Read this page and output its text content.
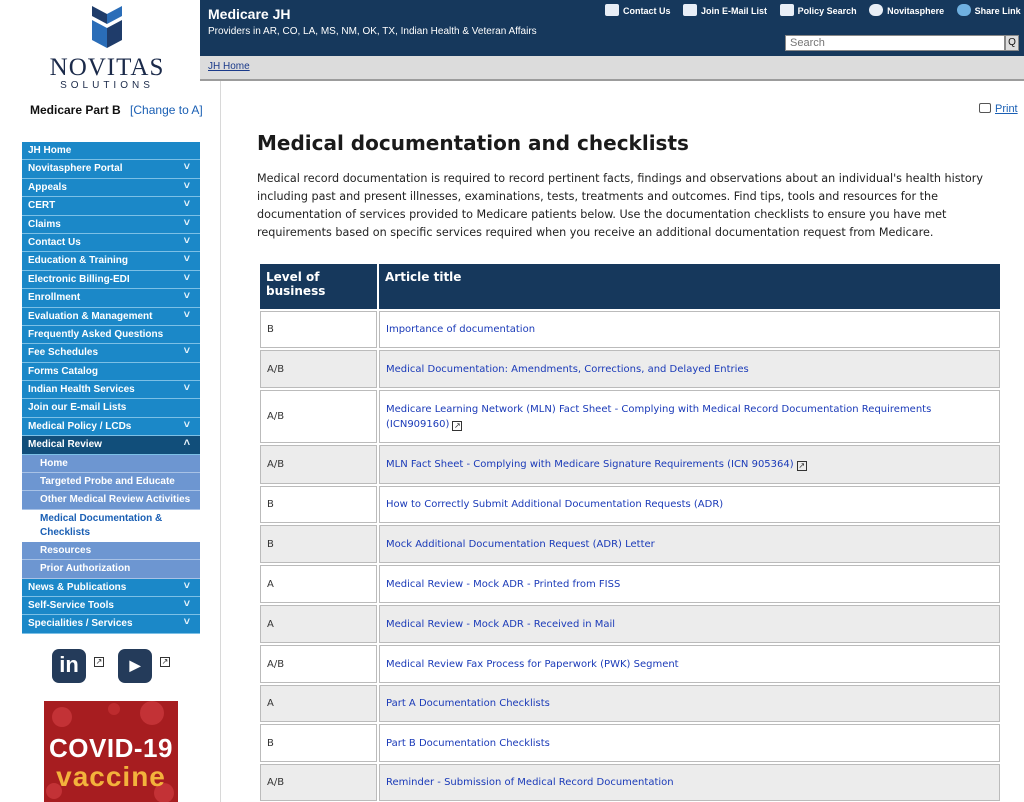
NOVITAS
SOLUTIONS
Medicare Part B [Change to A]
JH Home
Novitasphere Portal	˅
Appeals	˅
CERT	˅
Claims	˅
Contact Us	˅
Education & Training	˅
Electronic Billing-EDI	˅
Enrollment	˅
Evaluation & Management	˅
Frequently Asked Questions
Fee Schedules	˅
Forms Catalog
Indian Health Services	˅
Join our E-mail Lists
Medical Policy / LCDs	˅
Medical Review	˄
Home
Targeted Probe and Educate
Other Medical Review Activities
Medical Documentation & Checklists
Resources
Prior Authorization
News & Publications	˅
Self-Service Tools	˅
Specialities / Services	˅
in	↗	▶	↗
COVID-19
vaccine
Medicare JH
Providers in AR, CO, LA, MS, NM, OK, TX, Indian Health & Veteran Affairs
Contact Us	Join E-Mail List	Policy Search	Novitasphere	Share Link
Search
Q
JH Home
Print
Medical documentation and checklists
Medical record documentation is required to record pertinent facts, findings and observations about an individual's health history including past and present illnesses, examinations, tests, treatments and outcomes. Find tips, tools and resources for the documentation of services provided to Medicare patients below. Use the documentation checklists to ensure you have met requirements based on specific services required when you receive an additional documentation request from Medicare.
Level of business	Article title
B	Importance of documentation
A/B	Medical Documentation: Amendments, Corrections, and Delayed Entries
A/B	Medicare Learning Network (MLN) Fact Sheet - Complying with Medical Record Documentation Requirements (ICN909160) ↗
A/B	MLN Fact Sheet - Complying with Medicare Signature Requirements (ICN 905364) ↗
B	How to Correctly Submit Additional Documentation Requests (ADR)
B	Mock Additional Documentation Request (ADR) Letter
A	Medical Review - Mock ADR - Printed from FISS
A	Medical Review - Mock ADR - Received in Mail
A/B	Medical Review Fax Process for Paperwork (PWK) Segment
A	Part A Documentation Checklists
B	Part B Documentation Checklists
A/B	Reminder - Submission of Medical Record Documentation
